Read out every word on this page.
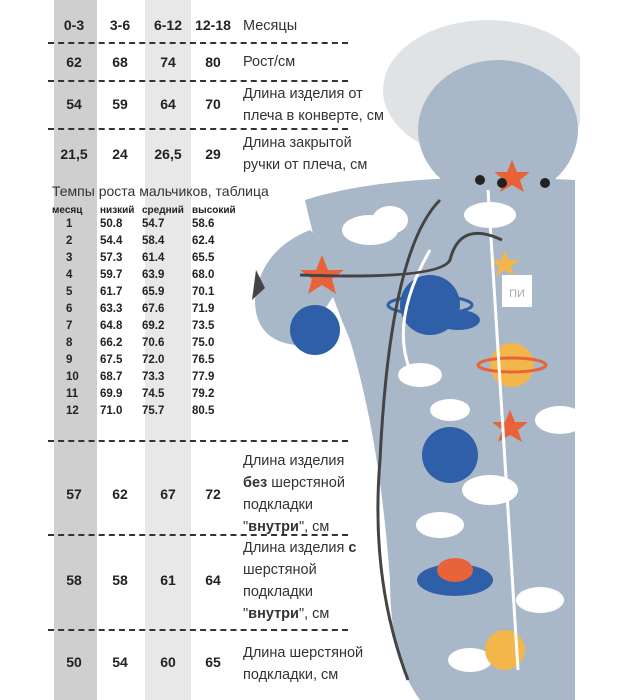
0-3	3-6	6-12 12-18 Месяцы
62	68	74	80	Рост/см
54	59	64	70
Длина изделия от
плеча в конверте, см
21,5	24	26,5	29
Длина закрытой
ручки от плеча, см
Темпы роста мальчиков, таблица
месяц низкий средний высокий
1 50.8 54.7 58.6
2 54.4 58.4 62.4
3 57.3 61.4 65.5
4 59.7 63.9 68.0
5 61.7 65.9 70.1
6 63.3 67.6 71.9
7 64.8 69.2 73.5
8 66.2 70.6 75.0
9 67.5 72.0 76.5
10 68.7 73.3 77.9
11 69.9 74.5 79.2
12 71.0 75.7 80.5
57	62	67	72
Длина изделия
без шерстяной
подкладки
"внутри", см
58	58	61	64
Длина изделия с
шерстяной
подкладки
"внутри", см
50	54	60	65
Длина шерстяной
подкладки, см
ПИ
